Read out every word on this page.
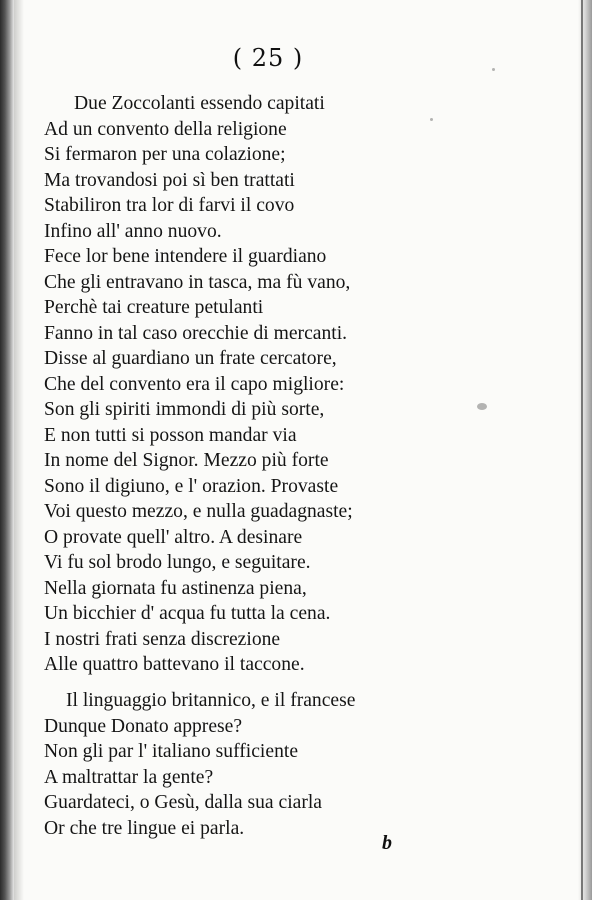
( 25 )
Due Zoccolanti essendo capitati
Ad un convento della religione
Si fermaron per una colazione;
Ma trovandosi poi sì ben trattati
Stabiliron tra lor di farvi il covo
Infino all' anno nuovo.
Fece lor bene intendere il guardiano
Che gli entravano in tasca, ma fù vano,
Perchè tai creature petulanti
Fanno in tal caso orecchie di mercanti.
Disse al guardiano un frate cercatore,
Che del convento era il capo migliore:
Son gli spiriti immondi di più sorte,
E non tutti si posson mandar via
In nome del Signor. Mezzo più forte
Sono il digiuno, e l' orazion. Provaste
Voi questo mezzo, e nulla guadagnaste;
O provate quell' altro. A desinare
Vi fu sol brodo lungo, e seguitare.
Nella giornata fu astinenza piena,
Un bicchier d' acqua fu tutta la cena.
I nostri frati senza discrezione
Alle quattro battevano il taccone.
Il linguaggio britannico, e il francese
Dunque Donato apprese?
Non gli par l' italiano sufficiente
A maltrattar la gente?
Guardateci, o Gesù, dalla sua ciarla
Or che tre lingue ei parla.
b
